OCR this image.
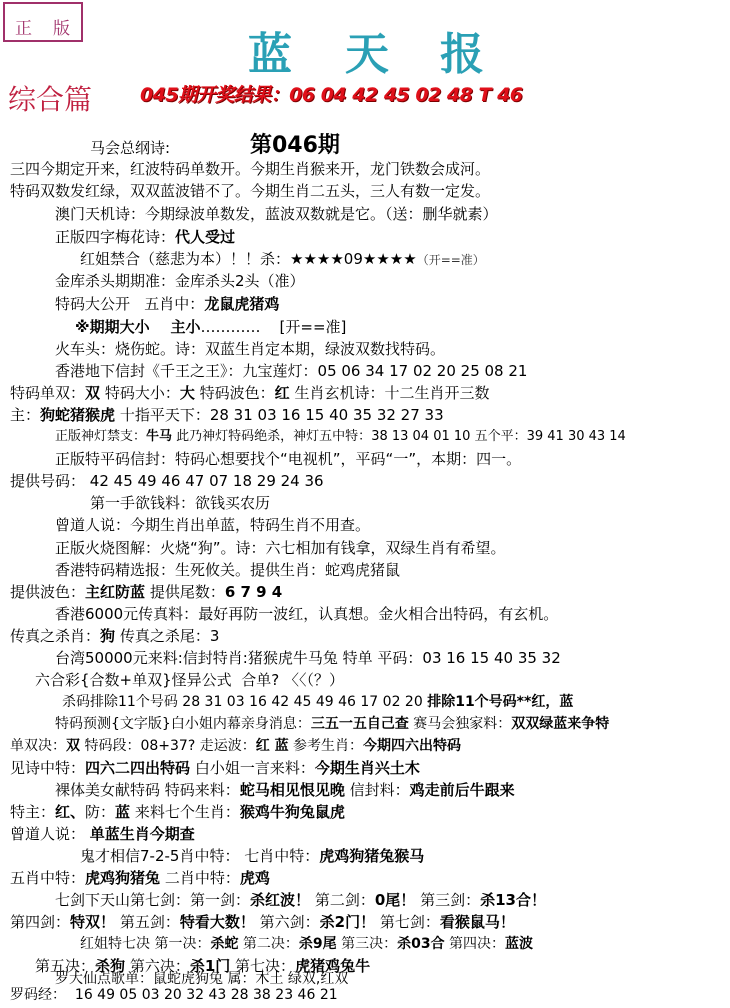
正 版	蓝 天 报
综合篇	045期开奖结果：06 04 42 45 02 48 T 46
第046期
马会总纲诗:
三四今期定开来，红波特码单数开。今期生肖猴来开，龙门铁数会成河。
特码双数发红绿，双双蓝波错不了。今期生肖二五头，三人有数一定发。
澳门天机诗：今期绿波单数发，蓝波双数就是它。（送：删华就素）
正版四字梅花诗：代人受过
红姐禁合（慈悲为本）！！杀：★★★★09★★★★（开==准）
金库杀头期期准：金库杀头2头（准）
特码大公开   五肖中：龙鼠虎猪鸡
※期期大小    主小…………    [开==准]
火车头：烧伤蛇。诗：双蓝生肖定本期，绿波双数找特码。
香港地下信封《千王之王》：九宝莲灯：05 06 34 17 02 20 25 08 21
特码单双：双 特码大小：大 特码波色：红 生肖玄机诗：十二生肖开三数
主：狗蛇猪猴虎 十指平天下：28 31 03 16 15 40 35 32 27 33
正版神灯禁支：牛马 此乃神灯特码绝杀，神灯五中特：38 13 04 01 10 五个平：39 41 30 43 14
正版特平码信封：特码心想要找个“电视机”，平码“一”，本期：四一。
提供号码： 42 45 49 46 47 07 18 29 24 36
第一手欲钱料：欲钱买农历
曾道人说：今期生肖出单蓝，特码生肖不用查。
正版火烧图解：火烧“狗”。诗：六七相加有钱拿，双绿生肖有希望。
香港特码精选报：生死攸关。提供生肖：蛇鸡虎猪鼠
提供波色：主红防蓝 提供尾数：6 7 9 4
香港6000元传真料：最好再防一波红，认真想。金火相合出特码，有玄机。
传真之杀肖：狗 传真之杀尾：3
台湾50000元来料:信封特肖:猪猴虎牛马兔 特单 平码：03 16 15 40 35 32
六合彩{合数+单双}怪异公式  合单? 〈〈（？）
杀码排除11个号码 28 31 03 16 42 45 49 46 17 02 20 排除11个号码**红，蓝
特码预测{文字版}白小姐内幕亲身消息：三五一五自己查 赛马会独家料：双双绿蓝来争特
单双决：双 特码段：08+37? 走运波：红 蓝 参考生肖：今期四六出特码
见诗中特：四六二四出特码 白小姐一言来料：今期生肖兴土木
裸体美女献特码 特码来料：蛇马相见恨见晚 信封料：鸡走前后牛跟来
特主：红、防：蓝 来料七个生肖：猴鸡牛狗兔鼠虎
曾道人说： 单蓝生肖今期查
鬼才相信7-2-5肖中特： 七肖中特：虎鸡狗猪兔猴马
五肖中特：虎鸡狗猪兔 二肖中特：虎鸡
七剑下天山第七剑：第一剑：杀红波！ 第二剑：0尾！ 第三剑：杀13合！
第四剑：特双！ 第五剑：特看大数！ 第六剑：杀2门！ 第七剑：看猴鼠马！
红姐特七决 第一决：杀蛇 第二决：杀9尾 第三决：杀03合 第四决：蓝波
第五决：杀狗 第六决：杀1门 第七决：虎猪鸡兔牛
罗大仙点歌单：鼠蛇虎狗兔 属：木土 绿双,红双
罗码经：  16 49 05 03 20 32 43 28 38 23 46 21
